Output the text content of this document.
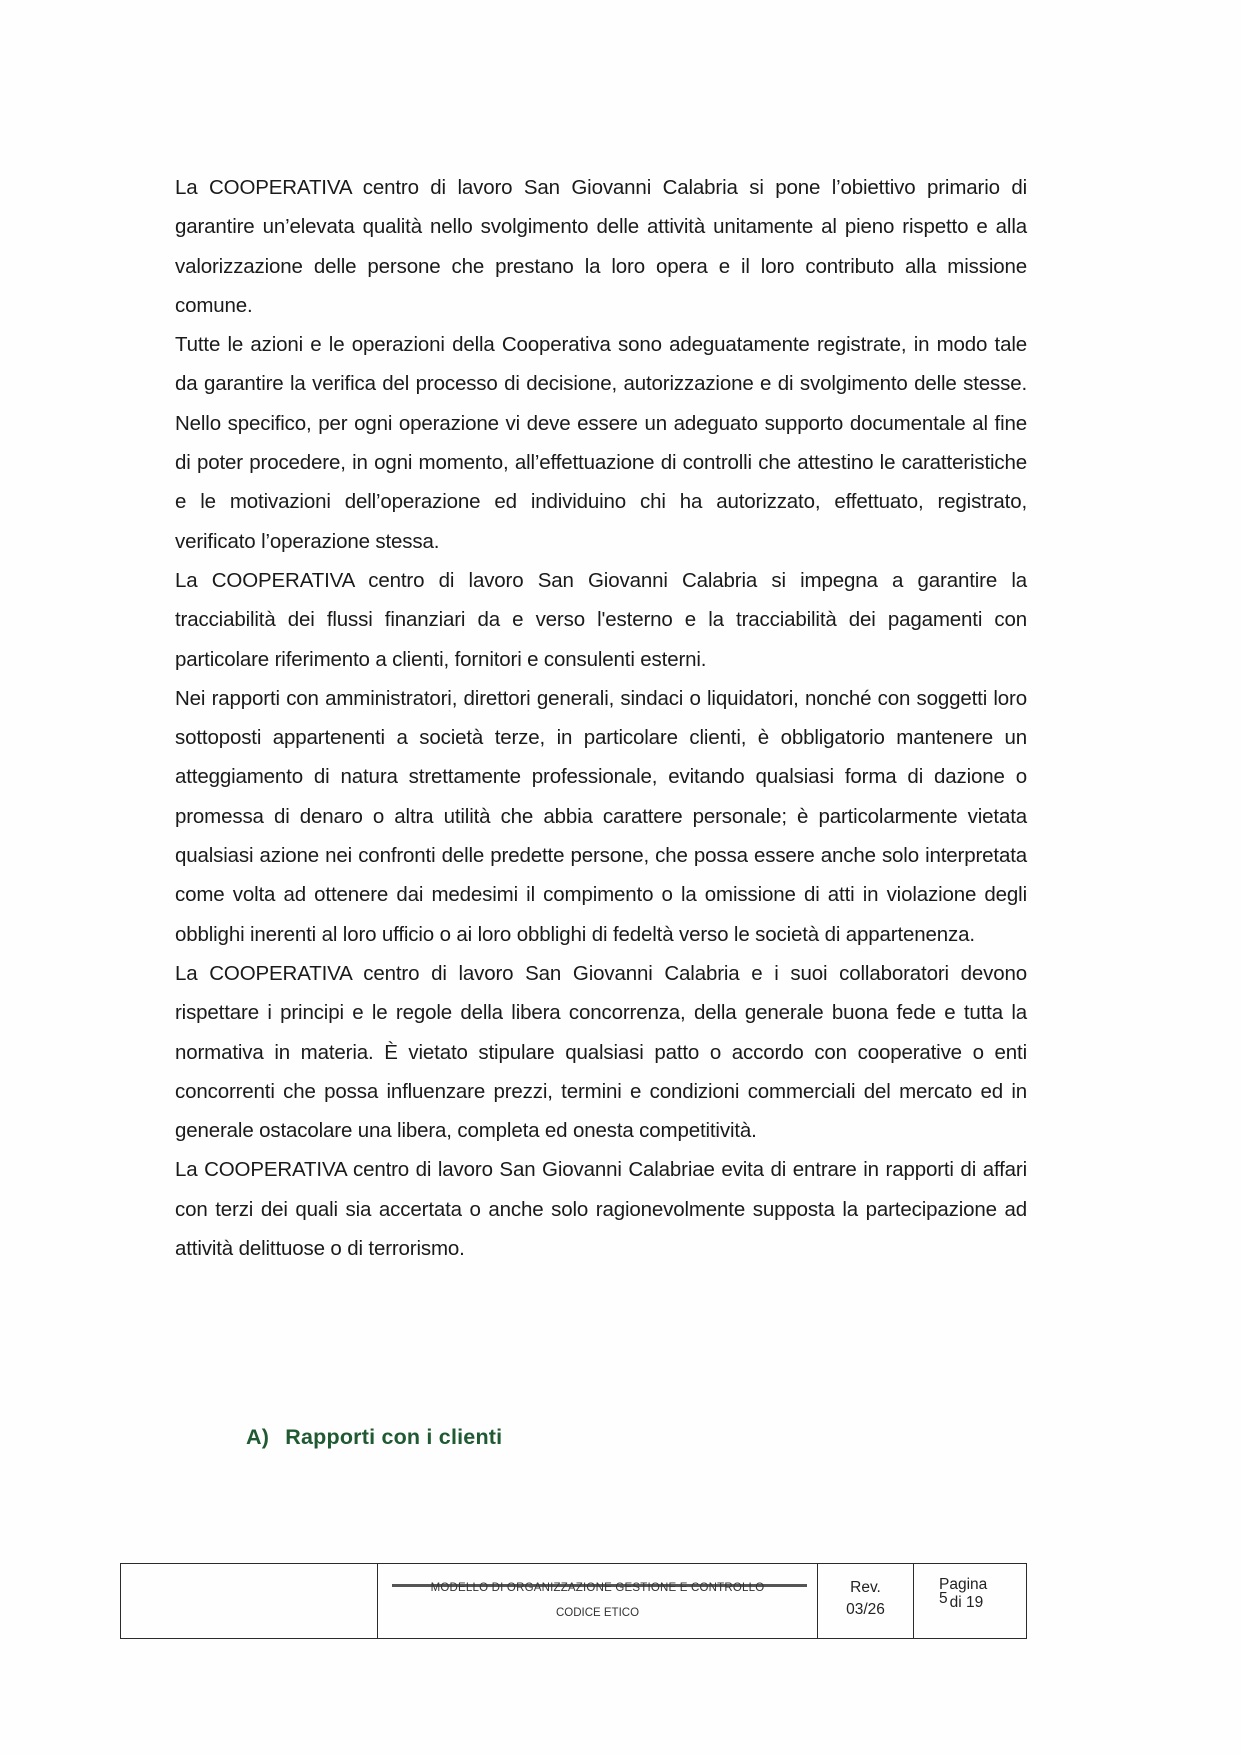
La COOPERATIVA centro di lavoro San Giovanni Calabria si pone l’obiettivo primario di garantire un’elevata qualità nello svolgimento delle attività unitamente al pieno rispetto e alla valorizzazione delle persone che prestano la loro opera e il loro contributo alla missione comune.

Tutte le azioni e le operazioni della Cooperativa sono adeguatamente registrate, in modo tale da garantire la verifica del processo di decisione, autorizzazione e di svolgimento delle stesse. Nello specifico, per ogni operazione vi deve essere un adeguato supporto documentale al fine di poter procedere, in ogni momento, all’effettuazione di controlli che attestino le caratteristiche e le motivazioni dell’operazione ed individuino chi ha autorizzato, effettuato, registrato, verificato l’operazione stessa.

La COOPERATIVA centro di lavoro San Giovanni Calabria si impegna a garantire la tracciabilità dei flussi finanziari da e verso l'esterno e la tracciabilità dei pagamenti con particolare riferimento a clienti, fornitori e consulenti esterni.

Nei rapporti con amministratori, direttori generali, sindaci o liquidatori, nonché con soggetti loro sottoposti appartenenti a società terze, in particolare clienti, è obbligatorio mantenere un atteggiamento di natura strettamente professionale, evitando qualsiasi forma di dazione o promessa di denaro o altra utilità che abbia carattere personale; è particolarmente vietata qualsiasi azione nei confronti delle predette persone, che possa essere anche solo interpretata come volta ad ottenere dai medesimi il compimento o la omissione di atti in violazione degli obblighi inerenti al loro ufficio o ai loro obblighi di fedeltà verso le società di appartenenza.

La COOPERATIVA centro di lavoro San Giovanni Calabria e i suoi collaboratori devono rispettare i principi e le regole della libera concorrenza, della generale buona fede e tutta la normativa in materia. È vietato stipulare qualsiasi patto o accordo con cooperative o enti concorrenti che possa influenzare prezzi, termini e condizioni commerciali del mercato ed in generale ostacolare una libera, completa ed onesta competitività.

La COOPERATIVA centro di lavoro San Giovanni Calabriae evita di entrare in rapporti di affari con terzi dei quali sia accertata o anche solo ragionevolmente supposta la partecipazione ad attività delittuose o di terrorismo.

A) Rapporti con i clienti
MODELLO DI ORGANIZZAZIONE GESTIONE E CONTROLLO
CODICE ETICO
Rev.
03/26
Pagina
5 di 19
